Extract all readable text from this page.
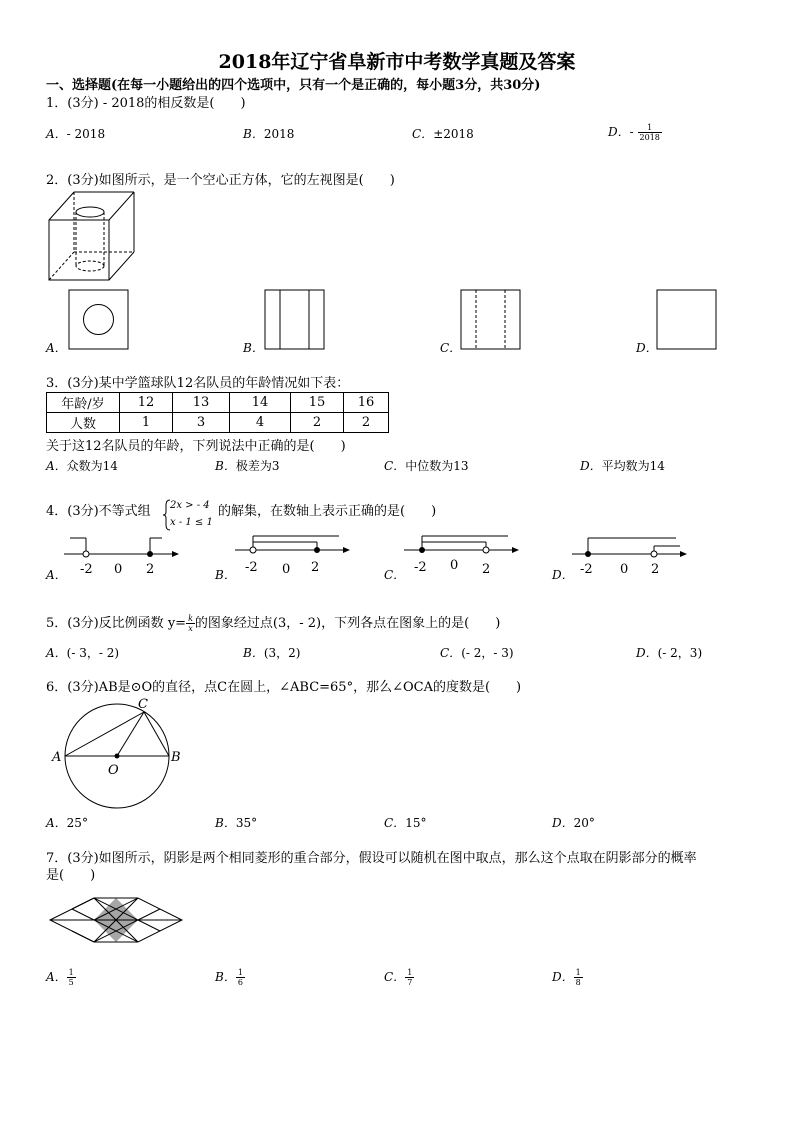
2018年辽宁省阜新市中考数学真题及答案
一、选择题(在每一小题给出的四个选项中，只有一个是正确的，每小题3分，共30分)
1．(3分) - 2018的相反数是(　　)
A．- 2018	B．2018	C．±2018	D．- $\frac{1}{2018}$
2．(3分)如图所示，是一个空心正方体，它的左视图是(　　)
A．	B．	C．	D．
3．(3分)某中学篮球队12名队员的年龄情况如下表：
年龄/岁	12	13	14	15	16
人数	1	3	4	2	2
关于这12名队员的年龄，下列说法中正确的是(　　)
A．众数为14	B．极差为3	C．中位数为13	D．平均数为14
4．(3分)不等式组 2x > - 4
x - 1 ≤ 1
的解集，在数轴上表示正确的是(　　)
A． -2 0 2	B． -2 0 2	C． -2 0 2	D． -2 0 2
5．(3分)反比例函数 $y= \frac{k}{x}$ 的图象经过点(3，- 2)，下列各点在图象上的是(　　)
A．(- 3，- 2)	B．(3，2)	C．(- 2，- 3)	D．(- 2，3)
6．(3分)AB是⊙O的直径，点C在圆上，∠ABC=65°，那么∠OCA的度数是(　　)
C
A	B
O
A．25°	B．35°	C．15°	D．20°
7．(3分)如图所示，阴影是两个相同菱形的重合部分，假设可以随机在图中取点，那么这个点取在阴影部分的概率
是(　　)
A． $\frac{1}{5}$	B． $\frac{1}{6}$	C． $\frac{1}{7}$	D． $\frac{1}{8}$
